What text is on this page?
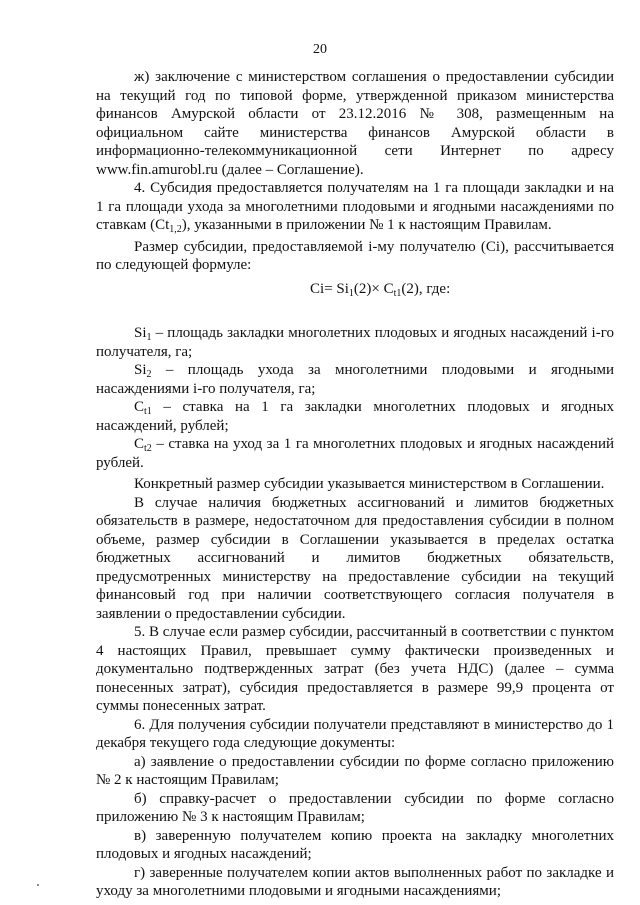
20

ж) заключение с министерством соглашения о предоставлении субсидии на текущий год по типовой форме, утвержденной приказом министерства финансов Амурской области от 23.12.2016 № 308, размещенным на официальном сайте министерства финансов Амурской области в информационно-телекоммуникационной сети Интернет по адресу www.fin.amurobl.ru (далее – Соглашение).

4. Субсидия предоставляется получателям на 1 га площади закладки и на 1 га площади ухода за многолетними плодовыми и ягодными насаждениями по ставкам $(Ct_{1,2})$, указанными в приложении № 1 к настоящим Правилам.

Размер субсидии, предоставляемой i-му получателю (Ci), рассчитывается по следующей формуле:

$Ci= Si_1(2)\times C_{t1}(2)$, где:

$Si_1$ – площадь закладки многолетних плодовых и ягодных насаждений i-го получателя, га;

$Si_2$ – площадь ухода за многолетними плодовыми и ягодными насаждениями i-го получателя, га;

$C_{t1}$ – ставка на 1 га закладки многолетних плодовых и ягодных насаждений, рублей;

$C_{t2}$ – ставка на уход за 1 га многолетних плодовых и ягодных насаждений рублей.

Конкретный размер субсидии указывается министерством в Соглашении.

В случае наличия бюджетных ассигнований и лимитов бюджетных обязательств в размере, недостаточном для предоставления субсидии в полном объеме, размер субсидии в Соглашении указывается в пределах остатка бюджетных ассигнований и лимитов бюджетных обязательств, предусмотренных министерству на предоставление субсидии на текущий финансовый год при наличии соответствующего согласия получателя в заявлении о предоставлении субсидии.

5. В случае если размер субсидии, рассчитанный в соответствии с пунктом 4 настоящих Правил, превышает сумму фактически произведенных и документально подтвержденных затрат (без учета НДС) (далее – сумма понесенных затрат), субсидия предоставляется в размере 99,9 процента от суммы понесенных затрат.

6. Для получения субсидии получатели представляют в министерство до 1 декабря текущего года следующие документы:

а) заявление о предоставлении субсидии по форме согласно приложению № 2 к настоящим Правилам;

б) справку-расчет о предоставлении субсидии по форме согласно приложению № 3 к настоящим Правилам;

в) заверенную получателем копию проекта на закладку многолетних плодовых и ягодных насаждений;

г) заверенные получателем копии актов выполненных работ по закладке и уходу за многолетними плодовыми и ягодными насаждениями;
